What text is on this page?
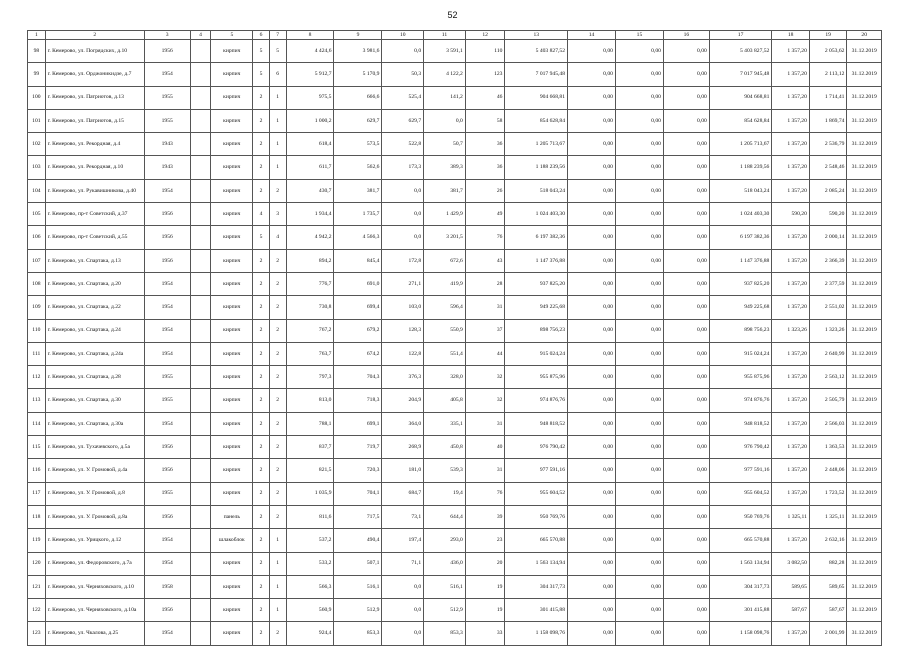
52
1	2	3	4	5	6	7	8	9	10	11	12	13	14	15	16	17	18	19	20
98	г. Кемерово, ул. Погрядских, д.10	1956		кирпич	5	5	4 424,6	3 981,6	0,0	3 591,1	110	5 403 827,52	0,00	0,00	0,00	5 403 827,52	1 357,20	2 053,62	31.12.2019
99	г. Кемерово, ул. Орджоникидзе, д.7	1954		кирпич	5	6	5 912,7	5 170,9	50,3	4 122,2	123	7 017 945,48	0,00	0,00	0,00	7 017 945,48	1 357,20	2 113,12	31.12.2019
100	г. Кемерово, ул. Патриотов, д.13	1955		кирпич	2	1	975,5	666,6	525,4	141,2	46	904 668,81	0,00	0,00	0,00	904 668,81	1 357,20	1 714,41	31.12.2019
101	г. Кемерово, ул. Патриотов, д.15	1955		кирпич	2	1	1 000,2	629,7	629,7	0,0	58	854 628,84	0,00	0,00	0,00	854 628,84	1 357,20	1 869,74	31.12.2019
102	г. Кемерово, ул. Рекордная, д.4	1943		кирпич	2	1	618,4	573,5	522,8	50,7	36	1 205 713,67	0,00	0,00	0,00	1 205 713,67	1 357,20	2 536,79	31.12.2019
103	г. Кемерово, ул. Рекордная, д.10	1943		кирпич	2	1	611,7	562,6	173,3	389,3	36	1 188 239,56	0,00	0,00	0,00	1 188 239,56	1 357,20	2 548,46	31.12.2019
104	г. Кемерово, ул. Рукавишникова, д.40	1954		кирпич	2	2	430,7	381,7	0,0	381,7	26	518 043,24	0,00	0,00	0,00	518 043,24	1 357,20	2 085,24	31.12.2019
105	г. Кемерово, пр-т Советский, д.37	1956		кирпич	4	3	1 934,4	1 735,7	0,0	1 429,9	49	1 024 403,30	0,00	0,00	0,00	1 024 403,30	590,20	590,20	31.12.2019
106	г. Кемерово, пр-т Советский, д.55	1956		кирпич	5	4	4 942,2	4 566,3	0,0	3 201,5	76	6 197 382,36	0,00	0,00	0,00	6 197 382,36	1 357,20	2 000,14	31.12.2019
107	г. Кемерово, ул. Спартака, д.13	1956		кирпич	2	2	894,2	845,4	172,8	672,6	43	1 147 376,88	0,00	0,00	0,00	1 147 376,88	1 357,20	2 366,39	31.12.2019
108	г. Кемерово, ул. Спартака, д.20	1954		кирпич	2	2	776,7	691,0	271,1	419,9	28	937 825,20	0,00	0,00	0,00	937 825,20	1 357,20	2 377,59	31.12.2019
109	г. Кемерово, ул. Спартака, д.22	1954		кирпич	2	2	730,8	699,4	103,0	596,4	31	949 225,68	0,00	0,00	0,00	949 225,68	1 357,20	2 551,02	31.12.2019
110	г. Кемерово, ул. Спартака, д.24	1954		кирпич	2	2	767,2	679,2	128,3	550,9	37	898 756,23	0,00	0,00	0,00	898 756,23	1 323,26	1 323,26	31.12.2019
111	г. Кемерово, ул. Спартака, д.24а	1954		кирпич	2	2	763,7	674,2	122,8	551,4	44	915 024,24	0,00	0,00	0,00	915 024,24	1 357,20	2 640,99	31.12.2019
112	г. Кемерово, ул. Спартака, д.28	1955		кирпич	2	2	797,3	704,3	376,3	328,0	32	955 875,96	0,00	0,00	0,00	955 875,96	1 357,20	2 563,12	31.12.2019
113	г. Кемерово, ул. Спартака, д.30	1955		кирпич	2	2	813,0	718,3	204,9	405,8	32	974 876,76	0,00	0,00	0,00	974 876,76	1 357,20	2 505,79	31.12.2019
114	г. Кемерово, ул. Спартака, д.30а	1954		кирпич	2	2	788,1	699,1	364,0	335,1	31	948 818,52	0,00	0,00	0,00	948 818,52	1 357,20	2 566,03	31.12.2019
115	г. Кемерово, ул. Тухачевского, д.5а	1956		кирпич	2	2	837,7	719,7	268,9	450,8	40	976 790,42	0,00	0,00	0,00	976 790,42	1 357,20	1 363,53	31.12.2019
116	г. Кемерово, ул. У. Громовой, д.4а	1956		кирпич	2	2	821,5	720,3	181,0	539,3	31	977 591,16	0,00	0,00	0,00	977 591,16	1 357,20	2 448,06	31.12.2019
117	г. Кемерово, ул. У. Громовой, д.8	1955		кирпич	2	2	1 035,9	704,1	684,7	19,4	76	955 604,52	0,00	0,00	0,00	955 604,52	1 357,20	1 723,52	31.12.2019
118	г. Кемерово, ул. У. Громовой, д.8а	1956		панель	2	2	811,6	717,5	73,1	644,4	39	950 769,76	0,00	0,00	0,00	950 769,76	1 325,11	1 325,11	31.12.2019
119	г. Кемерово, ул. Урицкого, д.12	1954		шлакоблок	2	1	537,2	490,4	197,4	293,0	23	665 570,88	0,00	0,00	0,00	665 570,88	1 357,20	2 632,16	31.12.2019
120	г. Кемерово, ул. Федоровского, д.7а	1954		кирпич	2	1	533,2	507,1	71,1	436,0	20	1 563 134,94	0,00	0,00	0,00	1 563 134,94	3 082,50	882,28	31.12.2019
121	г. Кемерово, ул. Черняховского, д.10	1958		кирпич	2	1	566,3	516,1	0,0	516,1	19	304 317,73	0,00	0,00	0,00	304 317,73	589,65	589,65	31.12.2019
122	г. Кемерово, ул. Черняховского, д.10а	1956		кирпич	2	1	560,9	512,9	0,0	512,9	19	301 415,88	0,00	0,00	0,00	301 415,88	587,67	587,67	31.12.2019
123	г. Кемерово, ул. Чкалова, д.25	1954		кирпич	2	2	924,4	853,3	0,0	853,3	33	1 158 098,76	0,00	0,00	0,00	1 158 098,76	1 357,20	2 001,99	31.12.2019
